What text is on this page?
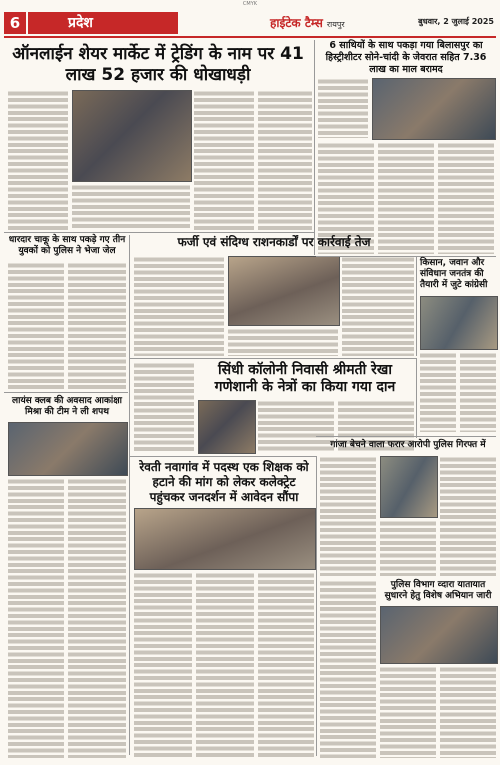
CMYK
6	प्रदेश	हाईटेक टैम्स रायपुर	बुधवार, 2 जुलाई 2025
ऑनलाईन शेयर मार्केट में ट्रेडिंग के नाम पर 41 लाख 52 हजार की धोखाधड़ी
6 साथियों के साथ पकड़ा गया बिलासपुर का हिस्ट्रीशीटर सोने-चांदी के जेवरात सहित 7.36 लाख का माल बरामद
धारदार चाकू के साथ पकड़े गए तीन युवकों को पुलिस ने भेजा जेल
फर्जी एवं संदिग्ध राशनकार्डों पर कार्रवाई तेज
किसान, जवान और संविधान जनतंत्र की तैयारी में जुटे कांग्रेसी
लायंस क्लब की अवसाद आकांक्षा मिश्रा की टीम ने ली शपथ
सिंधी कॉलोनी निवासी श्रीमती रेखा गणेशानी के नेत्रों का किया गया दान
गांजा बेचने वाला फरार आरोपी पुलिस गिरफ्त में
रेवती नवागांव में पदस्थ एक शिक्षक को हटाने की मांग को लेकर कलेक्ट्रेट पहुंचकर जनदर्शन में आवेदन सौंपा
पुलिस विभाग व्दारा यातायात सुधारने हेतु विशेष अभियान जारी
